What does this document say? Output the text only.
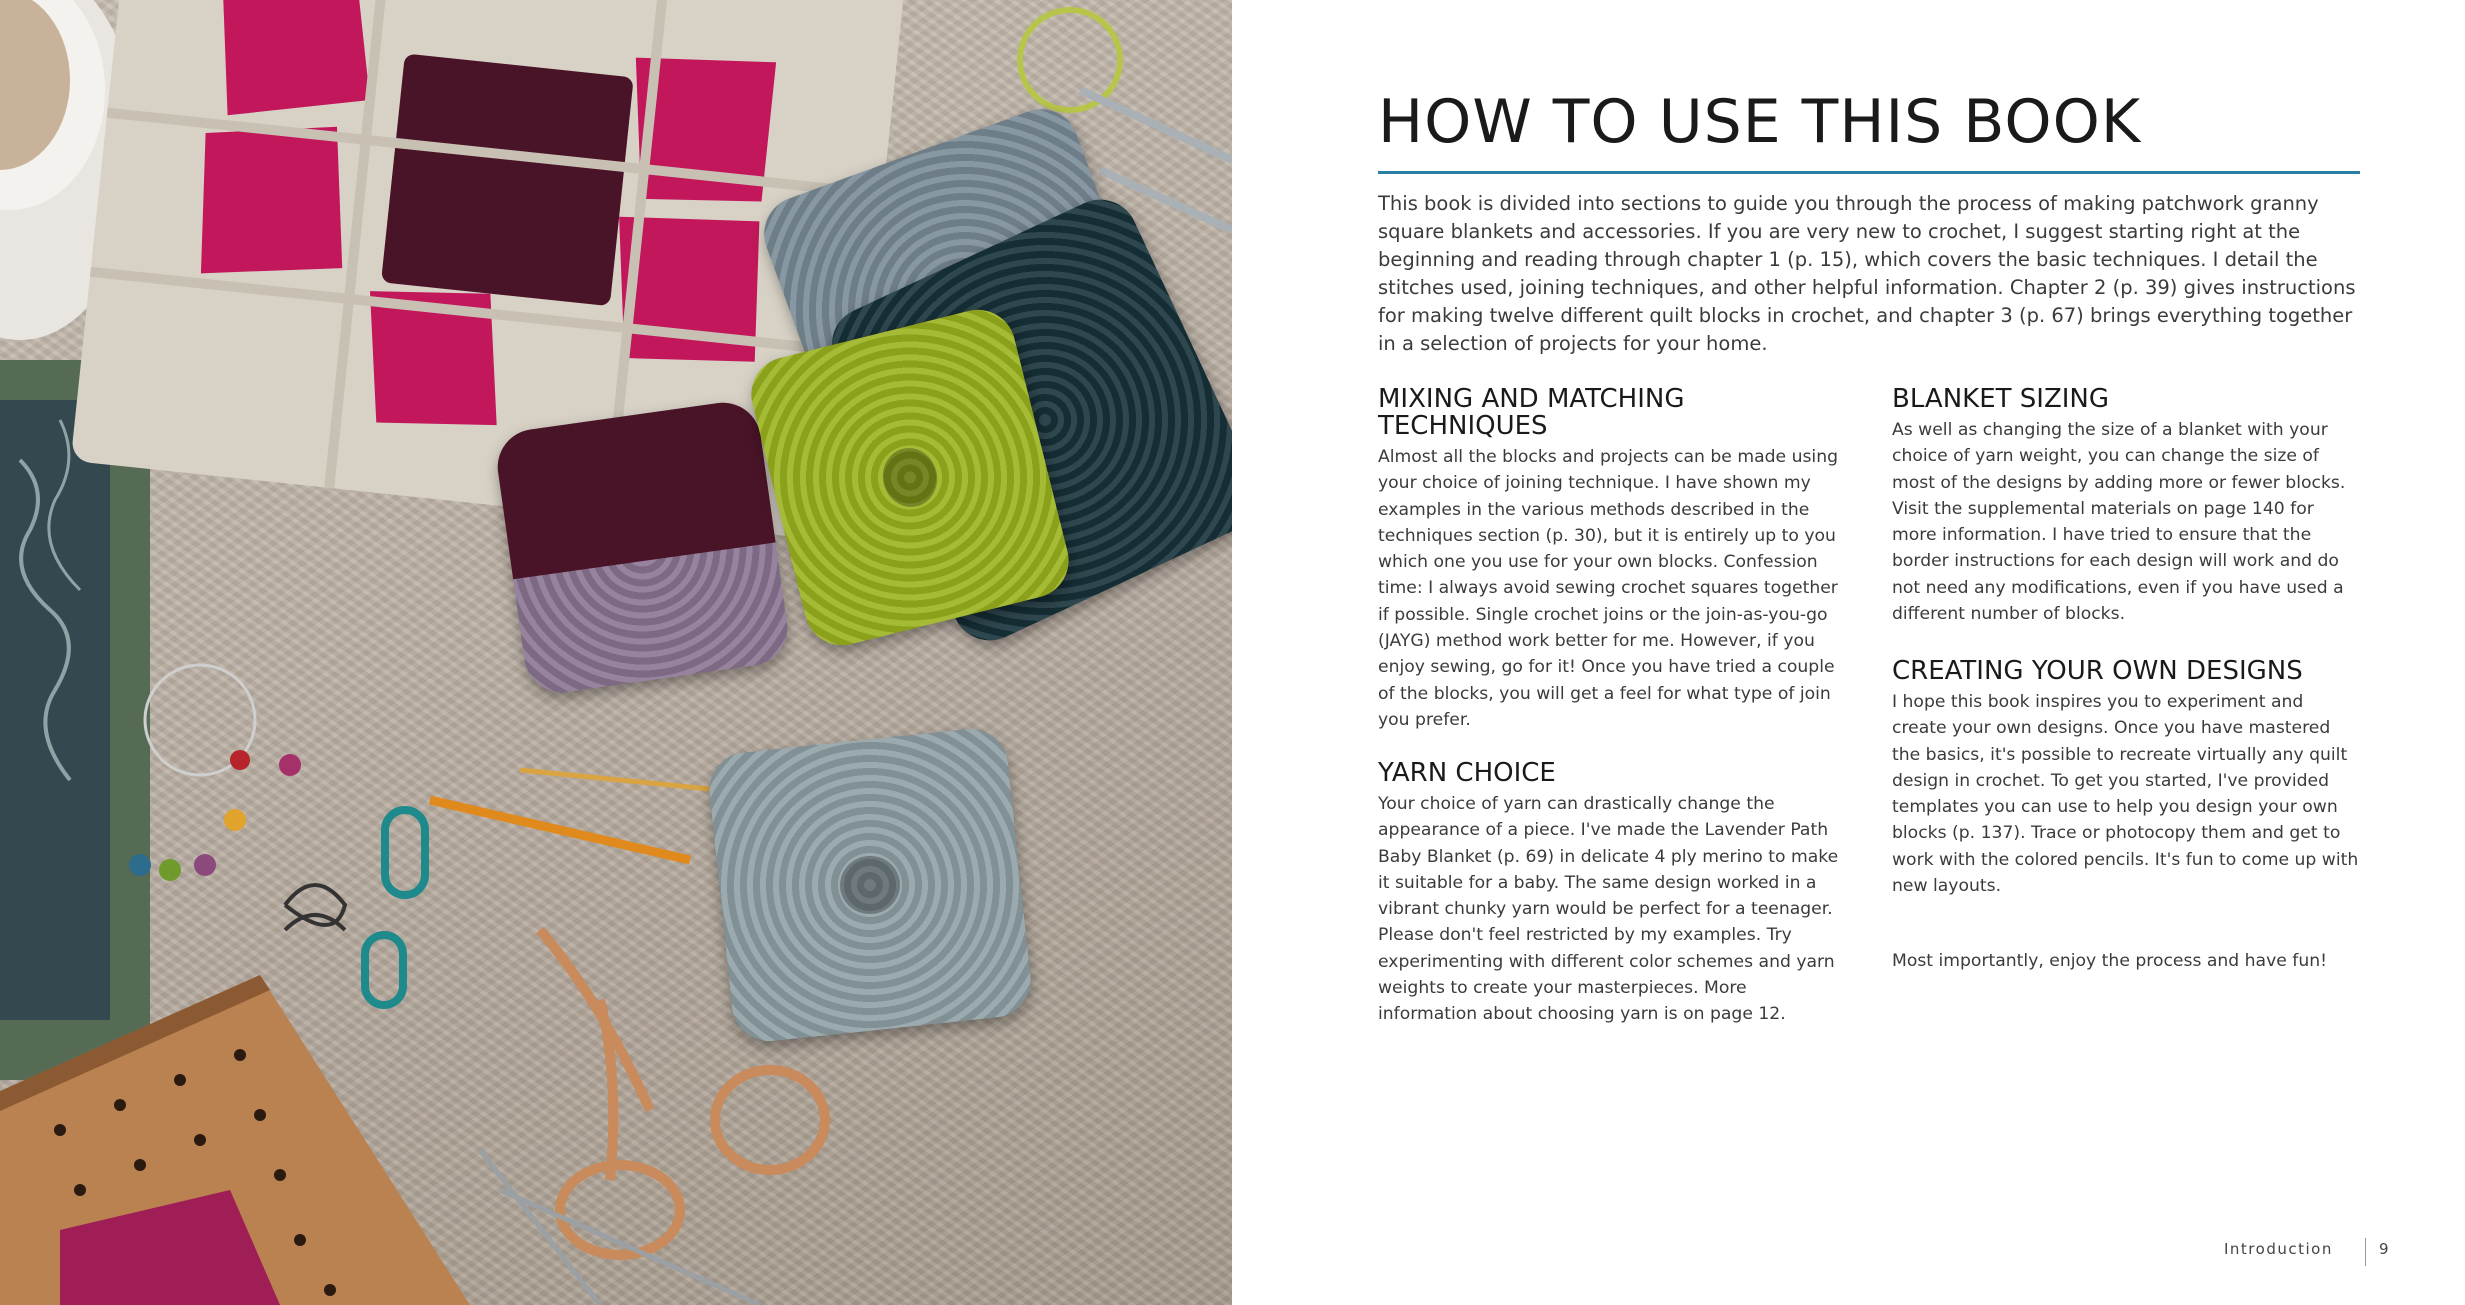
HOW TO USE THIS BOOK

This book is divided into sections to guide you through the process of making patchwork granny square blankets and accessories. If you are very new to crochet, I suggest starting right at the beginning and reading through chapter 1 (p. 15), which covers the basic techniques. I detail the stitches used, joining techniques, and other helpful information. Chapter 2 (p. 39) gives instructions for making twelve different quilt blocks in crochet, and chapter 3 (p. 67) brings everything together in a selection of projects for your home.

MIXING AND MATCHING TECHNIQUES

Almost all the blocks and projects can be made using your choice of joining technique. I have shown my examples in the various methods described in the techniques section (p. 30), but it is entirely up to you which one you use for your own blocks. Confession time: I always avoid sewing crochet squares together if possible. Single crochet joins or the join-as-you-go (JAYG) method work better for me. However, if you enjoy sewing, go for it! Once you have tried a couple of the blocks, you will get a feel for what type of join you prefer.

YARN CHOICE

Your choice of yarn can drastically change the appearance of a piece. I've made the Lavender Path Baby Blanket (p. 69) in delicate 4 ply merino to make it suitable for a baby. The same design worked in a vibrant chunky yarn would be perfect for a teenager. Please don't feel restricted by my examples. Try experimenting with different color schemes and yarn weights to create your masterpieces. More information about choosing yarn is on page 12.

BLANKET SIZING

As well as changing the size of a blanket with your choice of yarn weight, you can change the size of most of the designs by adding more or fewer blocks. Visit the supplemental materials on page 140 for more information. I have tried to ensure that the border instructions for each design will work and do not need any modifications, even if you have used a different number of blocks.

CREATING YOUR OWN DESIGNS

I hope this book inspires you to experiment and create your own designs. Once you have mastered the basics, it's possible to recreate virtually any quilt design in crochet. To get you started, I've provided templates you can use to help you design your own blocks (p. 137). Trace or photocopy them and get to work with the colored pencils. It's fun to come up with new layouts.

Most importantly, enjoy the process and have fun!

Introduction	9
